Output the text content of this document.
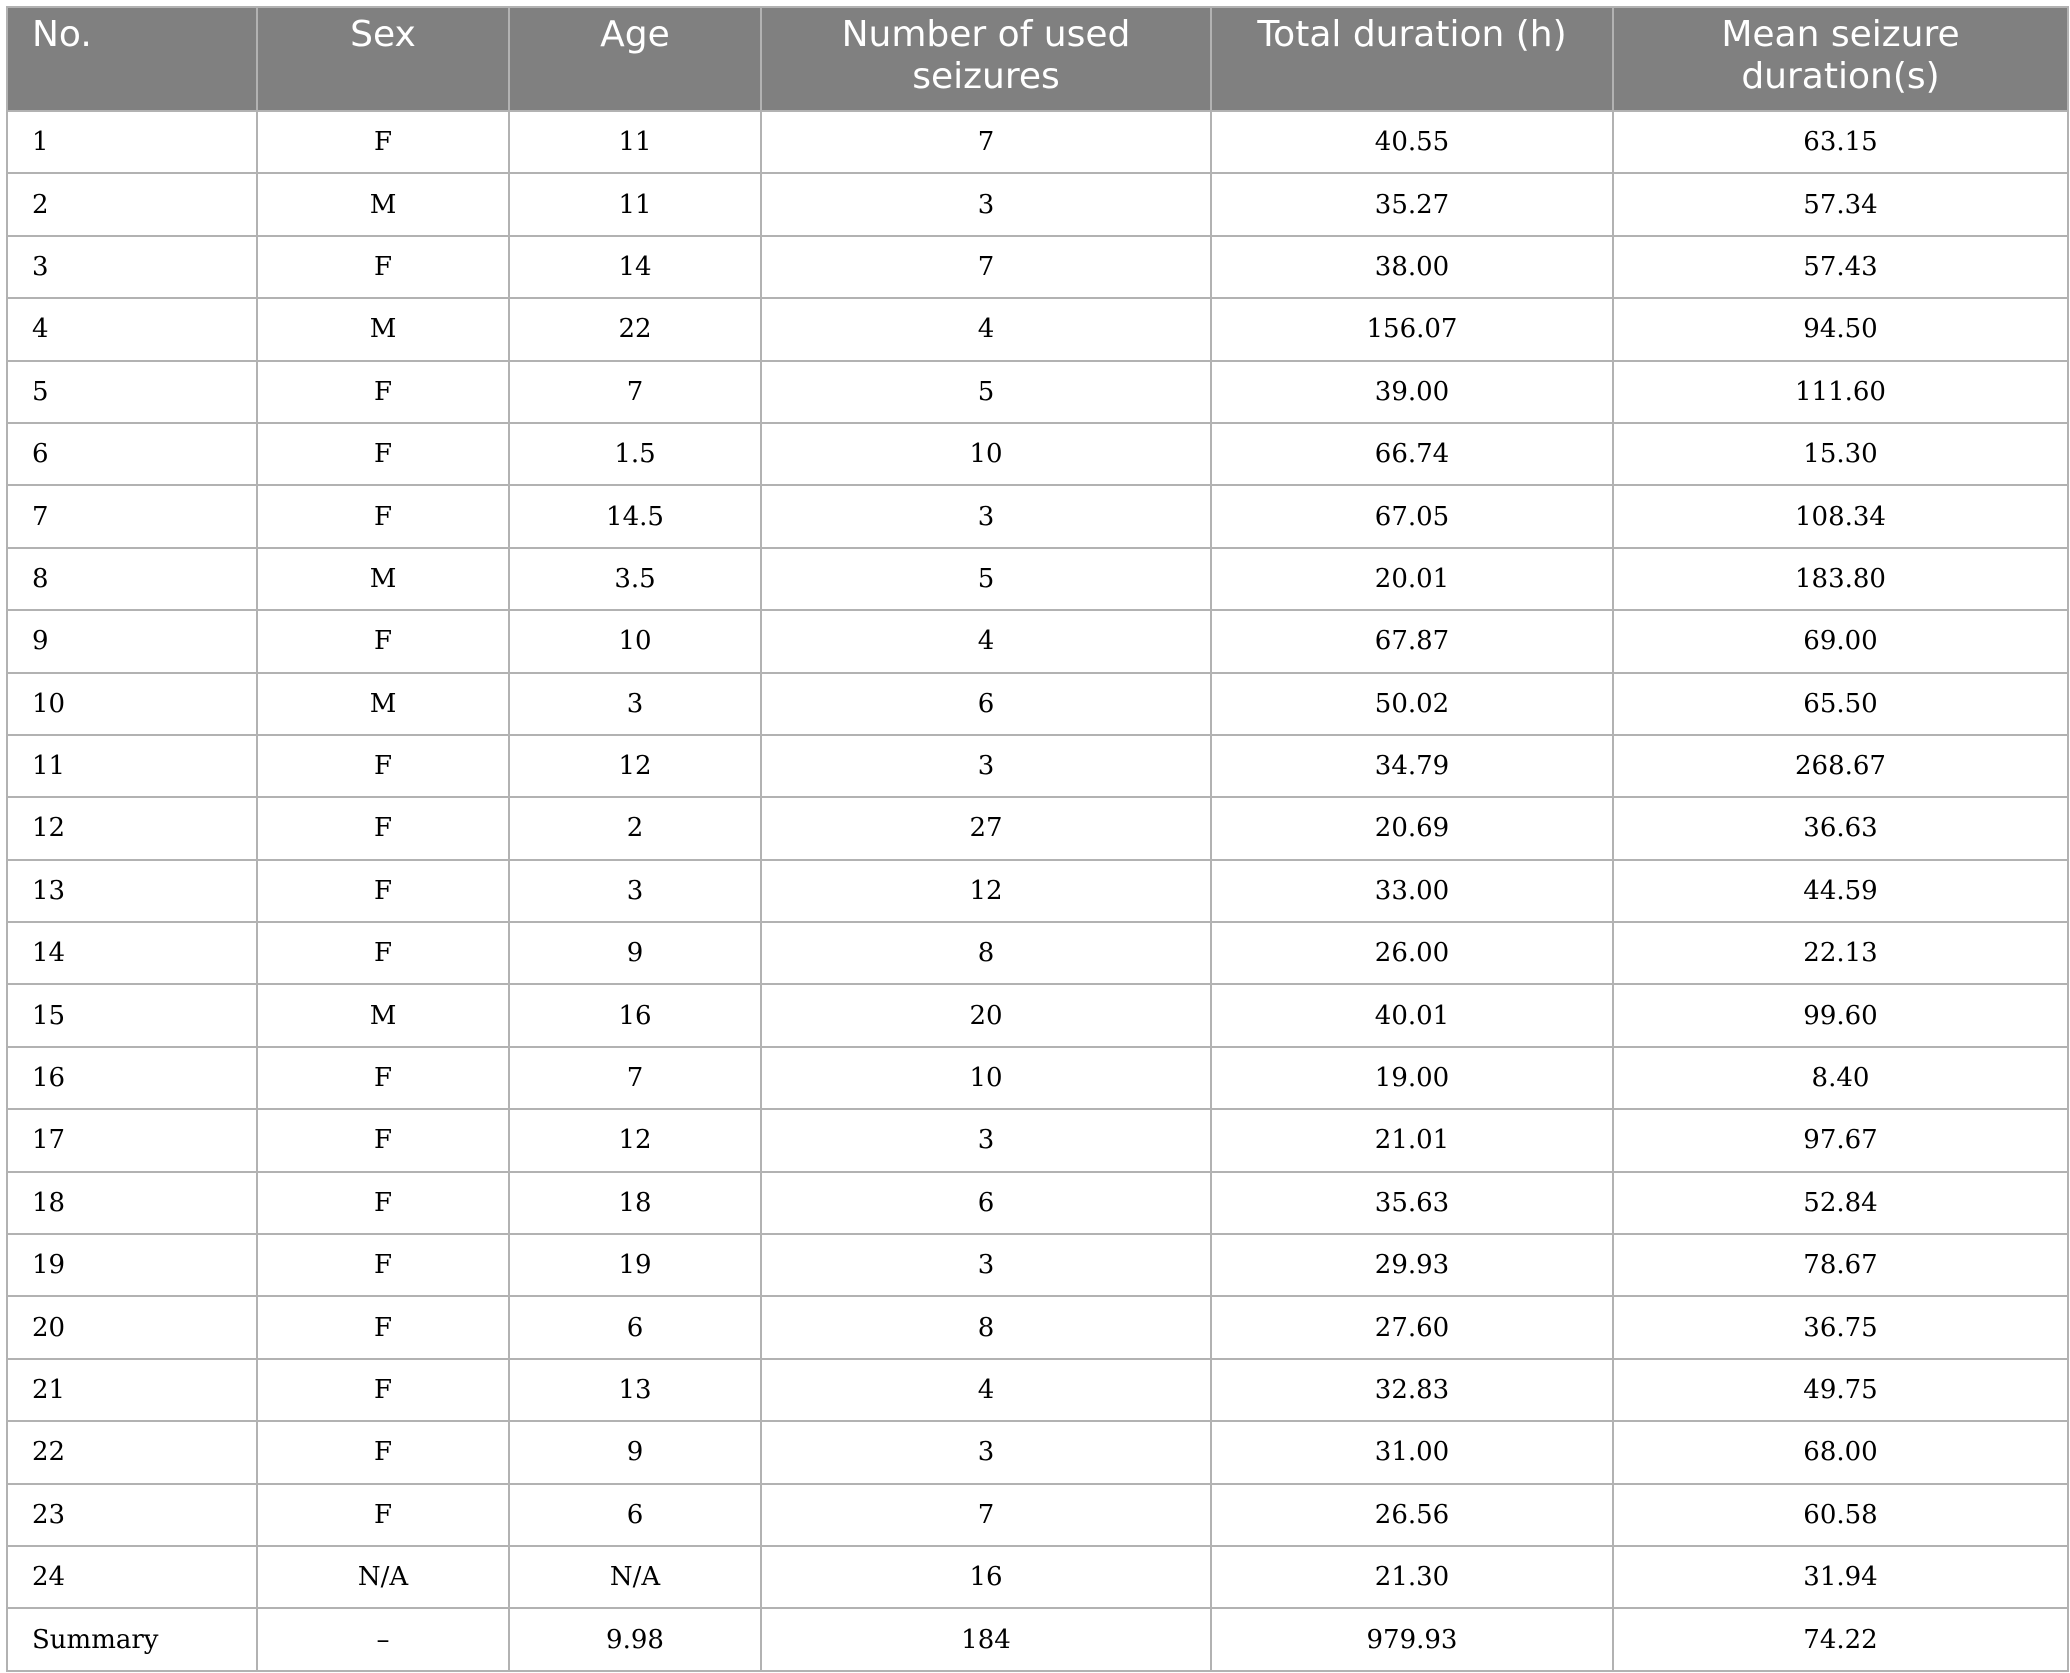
No.	Sex	Age	Number of used seizures	Total duration (h)	Mean seizure duration(s)
1	F	11	7	40.55	63.15
2	M	11	3	35.27	57.34
3	F	14	7	38.00	57.43
4	M	22	4	156.07	94.50
5	F	7	5	39.00	111.60
6	F	1.5	10	66.74	15.30
7	F	14.5	3	67.05	108.34
8	M	3.5	5	20.01	183.80
9	F	10	4	67.87	69.00
10	M	3	6	50.02	65.50
11	F	12	3	34.79	268.67
12	F	2	27	20.69	36.63
13	F	3	12	33.00	44.59
14	F	9	8	26.00	22.13
15	M	16	20	40.01	99.60
16	F	7	10	19.00	8.40
17	F	12	3	21.01	97.67
18	F	18	6	35.63	52.84
19	F	19	3	29.93	78.67
20	F	6	8	27.60	36.75
21	F	13	4	32.83	49.75
22	F	9	3	31.00	68.00
23	F	6	7	26.56	60.58
24	N/A	N/A	16	21.30	31.94
Summary	–	9.98	184	979.93	74.22
